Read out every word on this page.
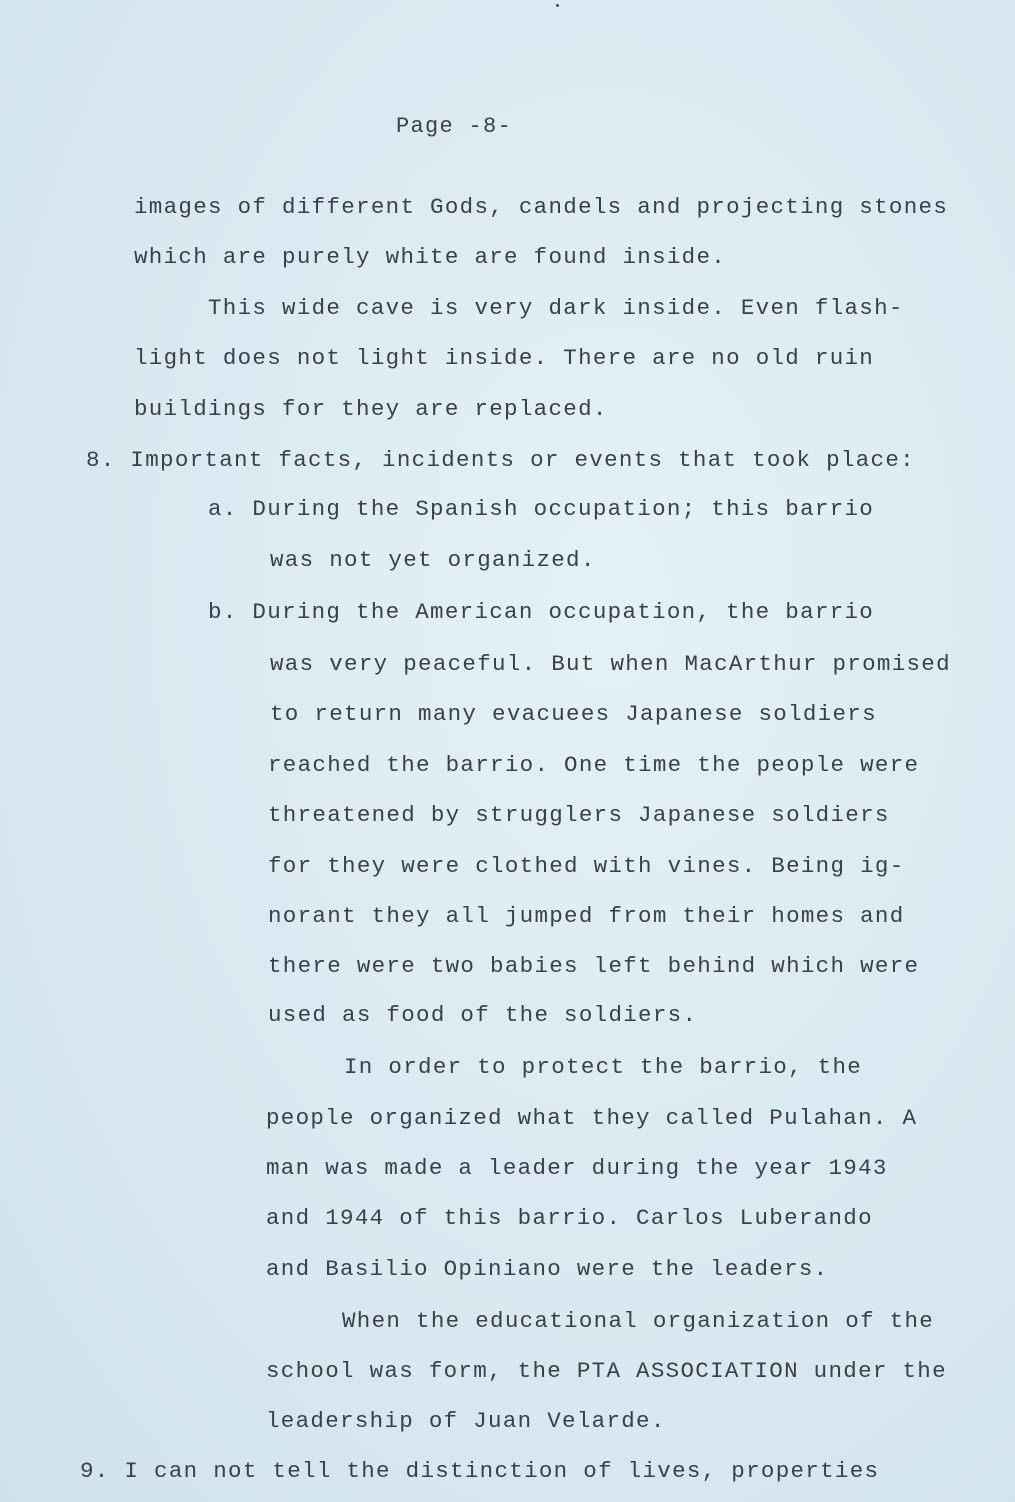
Page -8-
images of different Gods, candels and projecting stones
which are purely white are found inside.
This wide cave is very dark inside. Even flash-
light does not light inside. There are no old ruin
buildings for they are replaced.
8. Important facts, incidents or events that took place:
a. During the Spanish occupation; this barrio
was not yet organized.
b. During the American occupation, the barrio
was very peaceful. But when MacArthur promised
to return many evacuees Japanese soldiers
reached the barrio. One time the people were
threatened by strugglers Japanese soldiers
for they were clothed with vines. Being ig-
norant they all jumped from their homes and
there were two babies left behind which were
used as food of the soldiers.
In order to protect the barrio, the
people organized what they called Pulahan. A
man was made a leader during the year 1943
and 1944 of this barrio. Carlos Luberando
and Basilio Opiniano were the leaders.
When the educational organization of the
school was form, the PTA ASSOCIATION under the
leadership of Juan Velarde.
9. I can not tell the distinction of lives, properties
